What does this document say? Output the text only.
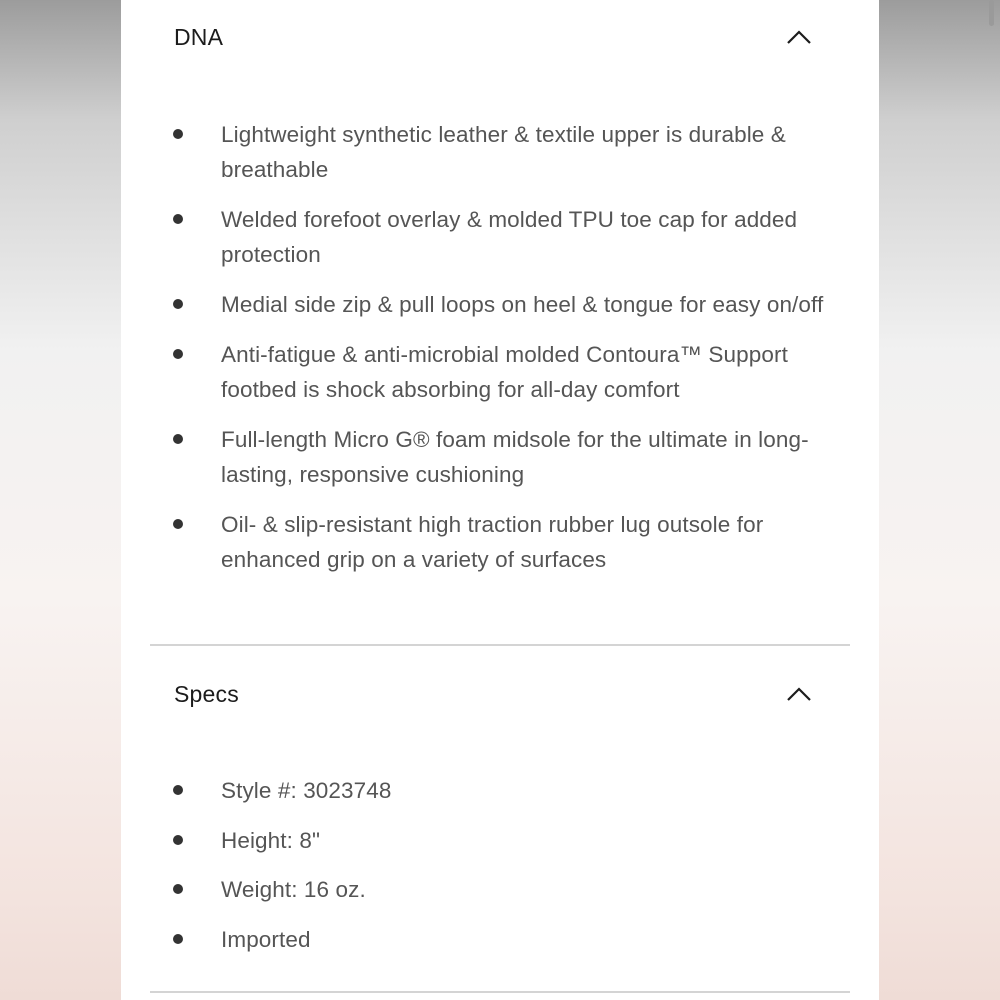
DNA
Lightweight synthetic leather & textile upper is durable & breathable
Welded forefoot overlay & molded TPU toe cap for added protection
Medial side zip & pull loops on heel & tongue for easy on/off
Anti-fatigue & anti-microbial molded Contoura™ Support footbed is shock absorbing for all-day comfort
Full-length Micro G® foam midsole for the ultimate in long-lasting, responsive cushioning
Oil- & slip-resistant high traction rubber lug outsole for enhanced grip on a variety of surfaces
Specs
Style #: 3023748
Height: 8"
Weight: 16 oz.
Imported
